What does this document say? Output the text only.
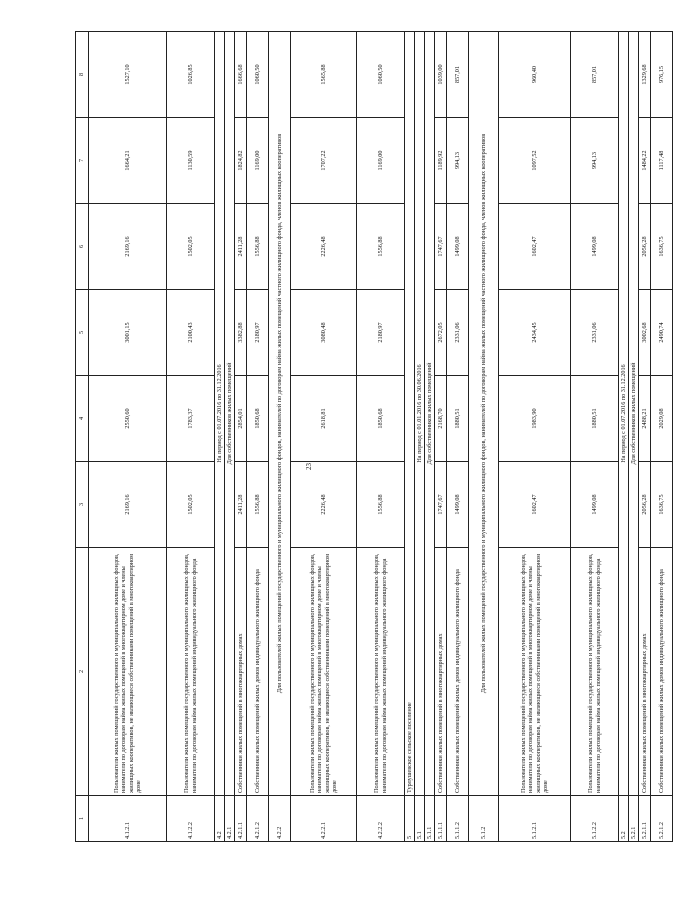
23
1	2	3	4	5	6	7	8
4.1.2.1	Пользователи жилых помещений государственного и муниципального жилищных фондов, наниматели по договорам найма жилых помещений в многоквартирном доме и члены жилищных кооперативов, не являющиеся собственниками помещений в многоквартирном доме	2169,16	2550,60	3001,15	2169,16	1664,21	1527,10
4.1.2.2	Пользователи жилых помещений государственного и муниципального жилищных фондов, наниматели по договорам найма жилых помещений индивидуального жилищного фонда	1502,05	1783,37	2100,43	1502,05	1130,59	1026,85
4.2	На период с 01.07.2016 по 31.12.2016						
4.2.1	Для собственников жилых помещений						
4.2.1.1	Собственники жилых помещений в многоквартирных домах	2411,28	2854,01	3382,88	2411,28	1824,82	1666,68
4.2.1.2	Собственники жилых помещений жилых домов индивидуального жилищного фонда	1556,88	1850,68	2180,97	1556,88	1169,00	1060,50
4.2.2	Для пользователей жилых помещений государственного и муниципального жилищного фондов, нанимателей по договорам найма жилых помещений частного жилищного фонда, членов жилищных кооперативов						
4.2.2.1	Пользователи жилых помещений государственного и муниципального жилищных фондов, наниматели по договорам найма жилых помещений в многоквартирном доме и члены жилищных кооперативов, не являющиеся собственниками помещений в многоквартирном доме	2226,48	2618,81	3080,48	2226,48	1707,22	1565,88
4.2.2.2	Пользователи жилых помещений государственного и муниципального жилищных фондов, наниматели по договорам найма жилых помещений индивидуального жилищного фонда	1556,88	1850,68	2180,97	1556,88	1169,00	1060,50
5	Турлушевское сельское поселение						
5.1	На период с 01.01.2016 по 30.06.2016						
5.1.1	Для собственников жилых помещений						
5.1.1.1	Собственники жилых помещений в многоквартирных домах	1747,67	2168,70	2672,05	1747,67	1189,92	1039,00
5.1.1.2	Собственники жилых помещений жилых домов индивидуального жилищного фонда	1499,08	1880,51	2331,06	1499,08	994,13	857,01
5.1.2	Для пользователей жилых помещений государственного и муниципального жилищного фондов, нанимателей по договорам найма жилых помещений частного жилищного фонда, членов жилищных кооперативов						
5.1.2.1	Пользователи жилых помещений государственного и муниципального жилищных фондов, наниматели по договорам найма жилых помещений в многоквартирном доме и члены жилищных кооперативов, не являющиеся собственниками помещений в многоквартирном доме	1602,47	1983,90	2434,45	1602,47	1097,52	960,40
5.1.2.2	Пользователи жилых помещений государственного и муниципального жилищных фондов, наниматели по договорам найма жилых помещений индивидуального жилищного фонда	1499,08	1880,51	2331,06	1499,08	994,13	857,01
5.2	На период с 01.07.2016 по 31.12.2016						
5.2.1	Для собственников жилых помещений						
5.2.1.1	Собственники жилых помещений в многоквартирных домах	2056,28	2488,21	3002,68	2056,28	1484,22	1329,68
5.2.1.2	Собственники жилых помещений жилых домов индивидуального жилищного фонда	1636,75	2029,08	2490,74	1636,75	1117,48	976,15
